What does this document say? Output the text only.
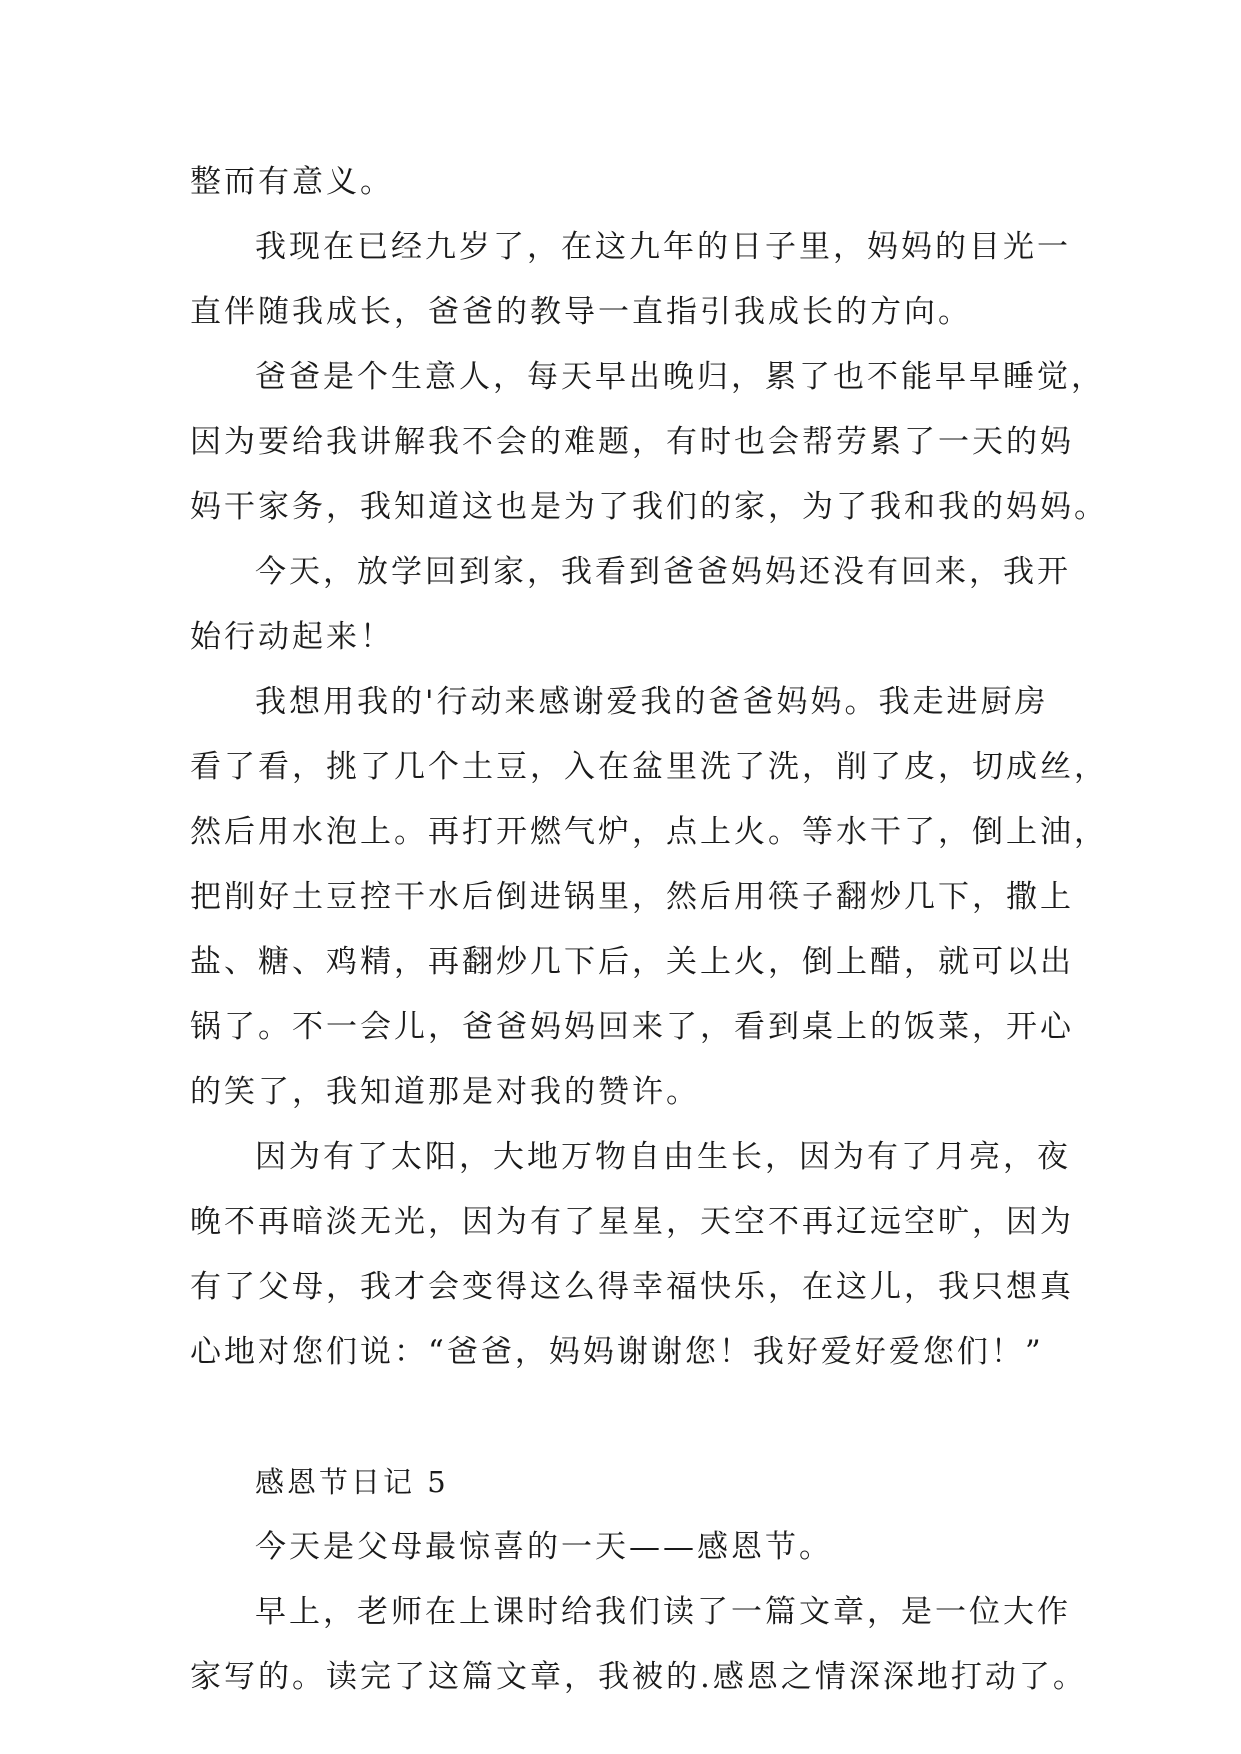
整而有意义。
我现在已经九岁了，在这九年的日子里，妈妈的目光一
直伴随我成长，爸爸的教导一直指引我成长的方向。
爸爸是个生意人，每天早出晚归，累了也不能早早睡觉，
因为要给我讲解我不会的难题，有时也会帮劳累了一天的妈
妈干家务，我知道这也是为了我们的家，为了我和我的妈妈。
今天，放学回到家，我看到爸爸妈妈还没有回来，我开
始行动起来！
我想用我的'行动来感谢爱我的爸爸妈妈。我走进厨房
看了看，挑了几个土豆，入在盆里洗了洗，削了皮，切成丝，
然后用水泡上。再打开燃气炉，点上火。等水干了，倒上油，
把削好土豆控干水后倒进锅里，然后用筷子翻炒几下，撒上
盐、糖、鸡精，再翻炒几下后，关上火，倒上醋，就可以出
锅了。不一会儿，爸爸妈妈回来了，看到桌上的饭菜，开心
的笑了，我知道那是对我的赞许。
因为有了太阳，大地万物自由生长，因为有了月亮，夜
晚不再暗淡无光，因为有了星星，天空不再辽远空旷，因为
有了父母，我才会变得这么得幸福快乐，在这儿，我只想真
心地对您们说：“爸爸，妈妈谢谢您！我好爱好爱您们！”
感恩节日记 5
今天是父母最惊喜的一天——感恩节。
早上，老师在上课时给我们读了一篇文章，是一位大作
家写的。读完了这篇文章，我被的.感恩之情深深地打动了。
